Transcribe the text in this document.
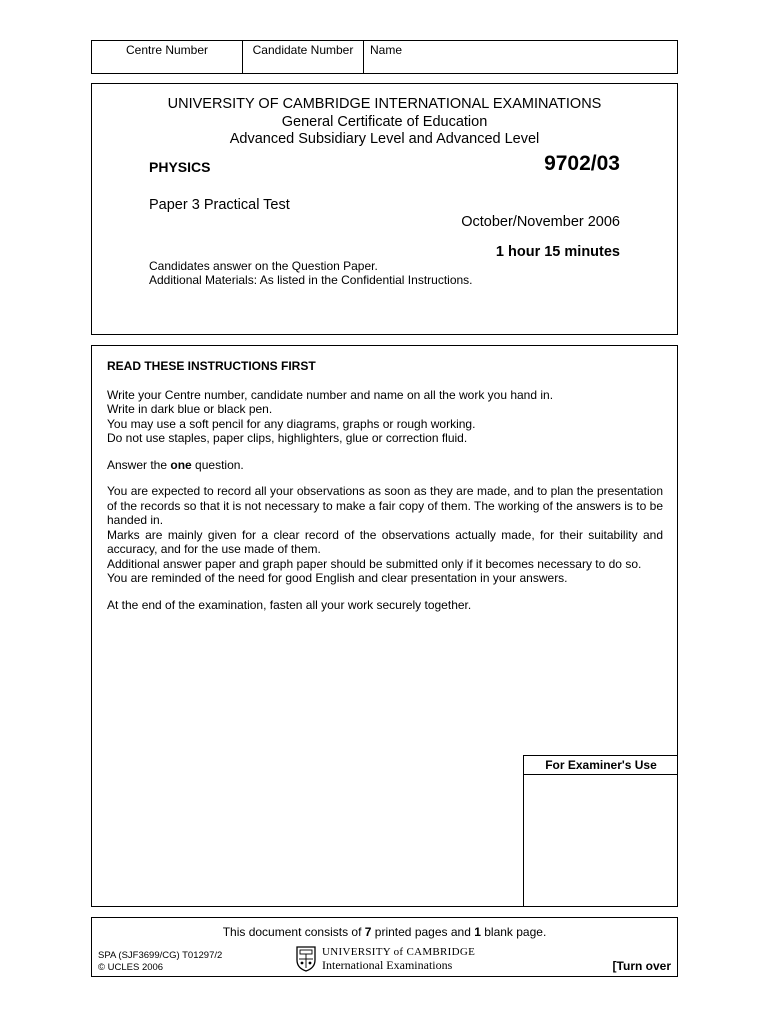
Centre Number	Candidate Number	Name
UNIVERSITY OF CAMBRIDGE INTERNATIONAL EXAMINATIONS
General Certificate of Education
Advanced Subsidiary Level and Advanced Level
PHYSICS	9702/03
Paper 3 Practical Test
October/November 2006
1 hour 15 minutes
Candidates answer on the Question Paper.
Additional Materials: As listed in the Confidential Instructions.

READ THESE INSTRUCTIONS FIRST

Write your Centre number, candidate number and name on all the work you hand in.
Write in dark blue or black pen.
You may use a soft pencil for any diagrams, graphs or rough working.
Do not use staples, paper clips, highlighters, glue or correction fluid.

Answer the one question.

You are expected to record all your observations as soon as they are made, and to plan the presentation of the records so that it is not necessary to make a fair copy of them. The working of the answers is to be handed in.
Marks are mainly given for a clear record of the observations actually made, for their suitability and accuracy, and for the use made of them.
Additional answer paper and graph paper should be submitted only if it becomes necessary to do so.
You are reminded of the need for good English and clear presentation in your answers.

At the end of the examination, fasten all your work securely together.

For Examiner's Use
This document consists of 7 printed pages and 1 blank page.
SPA (SJF3699/CG) T01297/2
© UCLES 2006
UNIVERSITY of CAMBRIDGE
International Examinations	[Turn over
